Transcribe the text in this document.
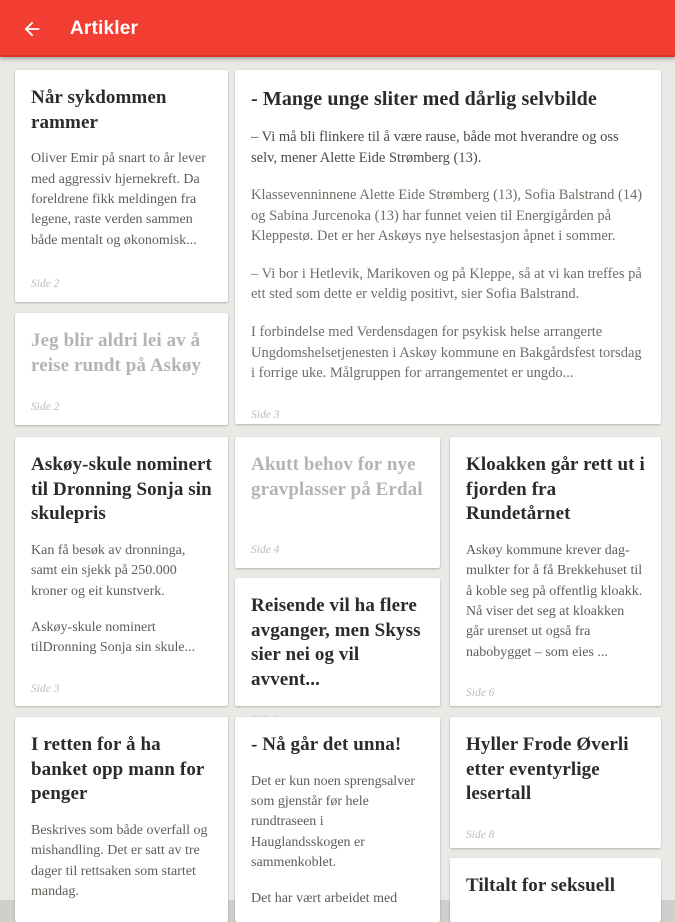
Artikler
Når sykdommen rammer

Oliver Emir på snart to år lever med aggressiv hjernekreft. Da foreldrene fikk meldingen fra legene, raste verden sammen både mentalt og økonomisk...

Side 2
- Mange unge sliter med dårlig selvbilde

– Vi må bli flinkere til å være rause, både mot hverandre og oss selv, mener Alette Eide Strømberg (13).

Klassevenninnene Alette Eide Strømberg (13), Sofia Balstrand (14) og Sabina Jurcenoka (13) har funnet veien til Energigården på Kleppestø. Det er her Askøys nye helsestasjon åpnet i sommer.

– Vi bor i Hetlevik, Marikoven og på Kleppe, så at vi kan treffes på ett sted som dette er veldig positivt, sier Sofia Balstrand.

I forbindelse med Verdensdagen for psykisk helse arrangerte Ungdomshelsetjenesten i Askøy kommune en Bakgårdsfest torsdag i forrige uke. Målgruppen for arrangementet er ungdo...

Side 3
Jeg blir aldri lei av å reise rundt på Askøy
Side 2
Askøy-skule nominert til Dronning Sonja sin skulepris

Kan få besøk av dronninga, samt ein sjekk på 250.000 kroner og eit kunstverk.

Askøy-skule nominert tilDronning Sonja sin skule...

Side 3
Akutt behov for nye gravplasser på Erdal
Side 4
Kloakken går rett ut i fjorden fra Rundetårnet

Askøy kommune krever dag-mulkter for å få Brekkehuset til å koble seg på offentlig kloakk. Nå viser det seg at kloakken går urenset ut også fra nabobygget – som eies ...

Side 6
Reisende vil ha flere avganger, men Skyss sier nei og vil avvent...
I retten for å ha banket opp mann for penger

Beskrives som både overfall og mishandling. Det er satt av tre dager til rettsaken som startet mandag.

- Nå går det unna!

Det er kun noen sprengsalver som gjenstår før hele rundtraseen i Hauglandsskogen er sammenkoblet.

Det har vært arbeidet med

Hyller Frode Øverli etter eventyrlige lesertall
Side 8
Tiltalt for seksuell
